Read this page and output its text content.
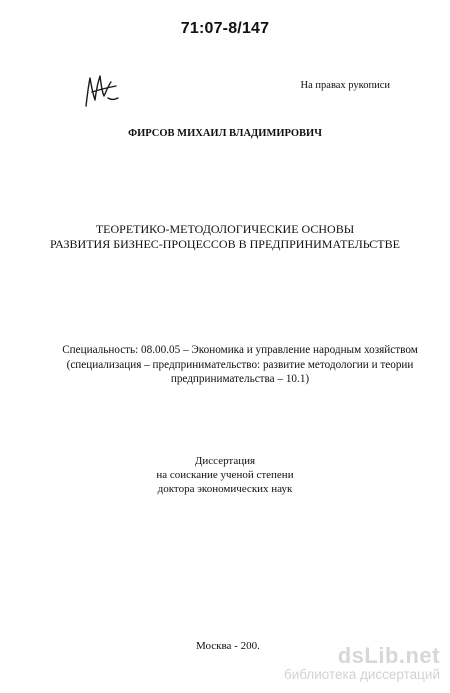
71:07-8/147
На правах рукописи
ФИРСОВ МИХАИЛ ВЛАДИМИРОВИЧ
ТЕОРЕТИКО-МЕТОДОЛОГИЧЕСКИЕ ОСНОВЫ
РАЗВИТИЯ БИЗНЕС-ПРОЦЕССОВ В ПРЕДПРИНИМАТЕЛЬСТВЕ
Специальность: 08.00.05 – Экономика и управление народным хозяйством
(специализация – предпринимательство: развитие методологии и теории
предпринимательства – 10.1)
Диссертация
на соискание ученой степени
доктора экономических наук
Москва - 200.	dsLib.net
библиотека диссертаций
